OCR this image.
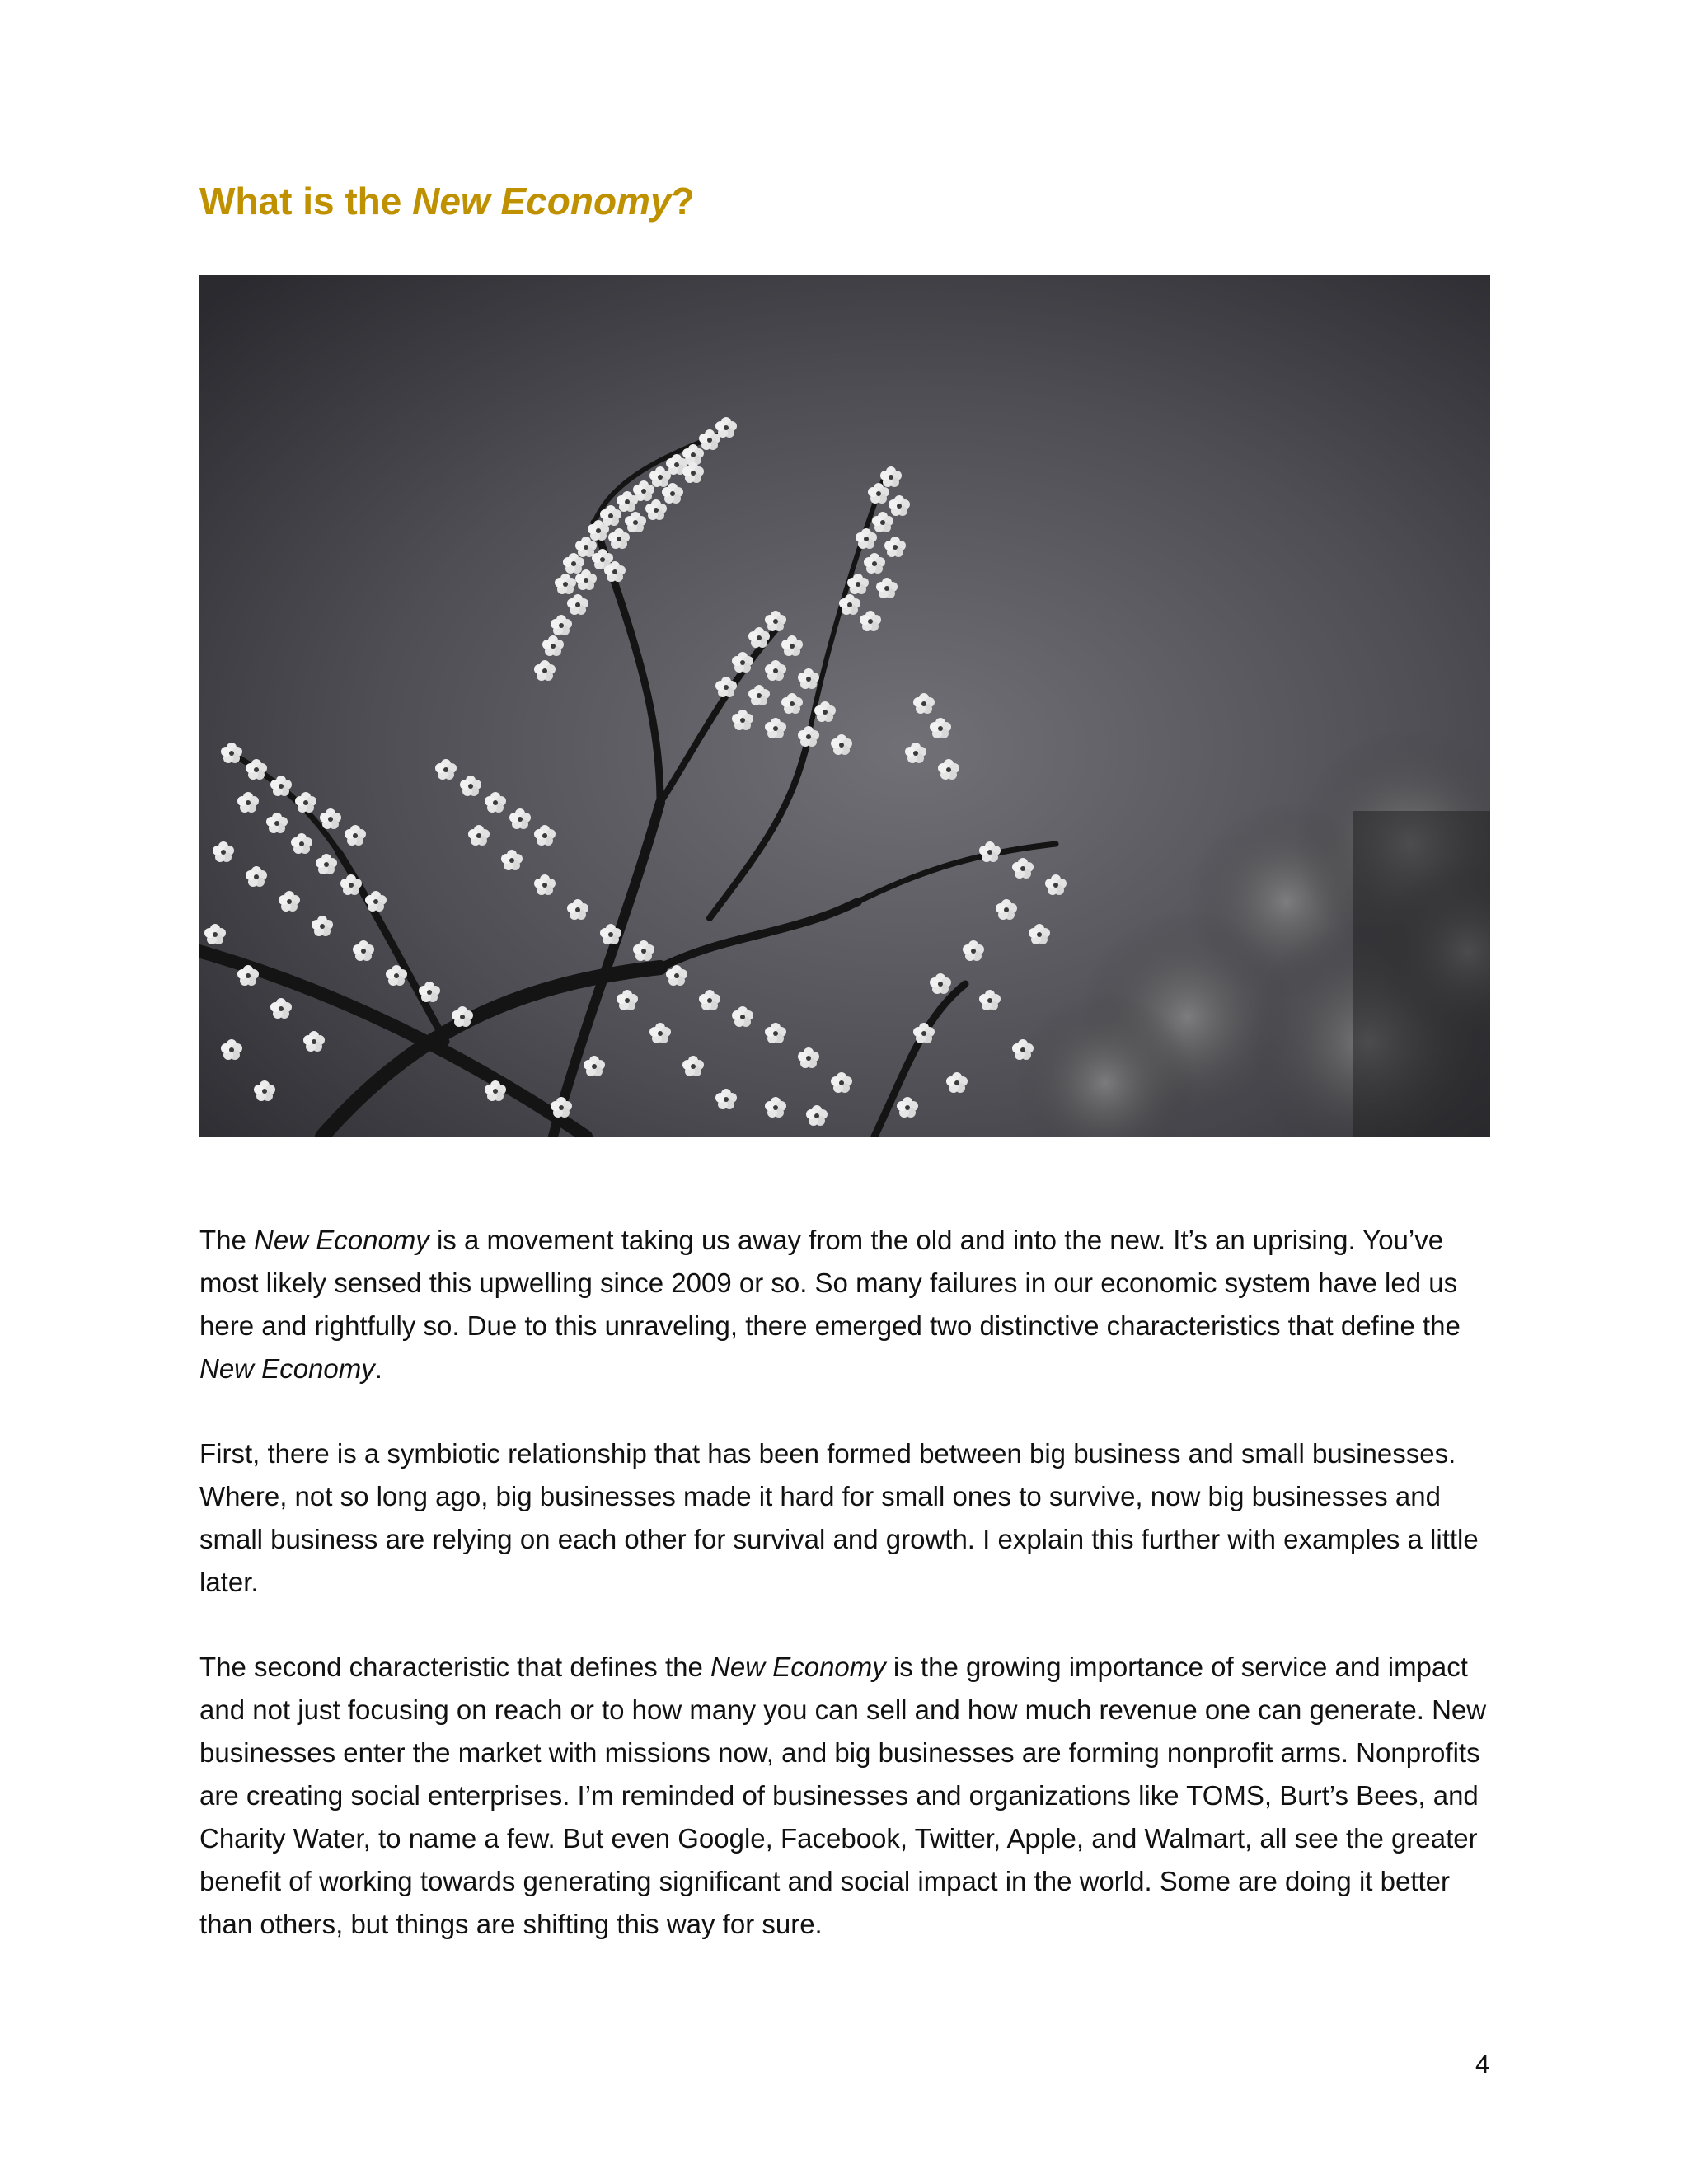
What is the New Economy?

The New Economy is a movement taking us away from the old and into the new. It’s an uprising. You’ve most likely sensed this upwelling since 2009 or so. So many failures in our economic system have led us here and rightfully so. Due to this unraveling, there emerged two distinctive characteristics that define the New Economy.

First, there is a symbiotic relationship that has been formed between big business and small businesses. Where, not so long ago, big businesses made it hard for small ones to survive, now big businesses and small business are relying on each other for survival and growth. I explain this further with examples a little later.

The second characteristic that defines the New Economy is the growing importance of service and impact and not just focusing on reach or to how many you can sell and how much revenue one can generate. New businesses enter the market with missions now, and big businesses are forming nonprofit arms. Nonprofits are creating social enterprises. I’m reminded of businesses and organizations like TOMS, Burt’s Bees, and Charity Water, to name a few. But even Google, Facebook, Twitter, Apple, and Walmart, all see the greater benefit of working towards generating significant and social impact in the world. Some are doing it better than others, but things are shifting this way for sure.

4
